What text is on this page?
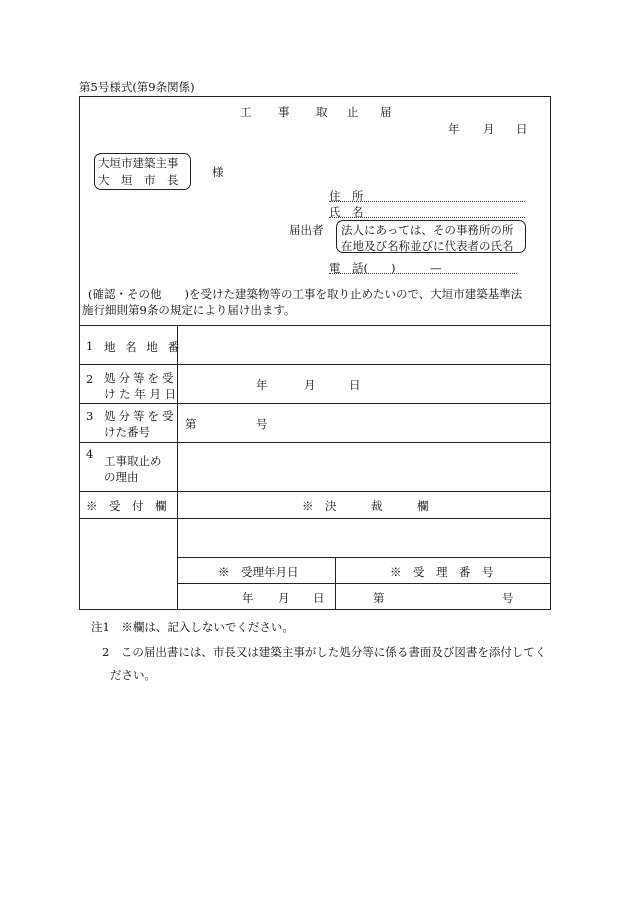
第5号様式(第9条関係)
工 事 取 止 届
年 月 日
大垣市建築主事
大　垣　市　長
様
住　所
氏　名
届出者 法人にあっては、その事務所の所
在地及び名称並びに代表者の氏名
電　話(　　)　　　—
(確認・その他　　)を受けた建築物等の工事を取り止めたいので、大垣市建築基準法
施行細則第9条の規定により届け出ます。
1 地 名 地 番
2 処分等を受
け た 年 月 日
年	月	日
3 処分等を受
けた番号
第	号
4 工事取止め
の理由
※　受　付　欄	※　決　　　裁　　　欄
※　受理年月日	※　受　理　番　号
年 月 日	第	号
注1　※欄は、記入しないでください。
2　この届出書には、市長又は建築主事がした処分等に係る書面及び図書を添付してく
ださい。
